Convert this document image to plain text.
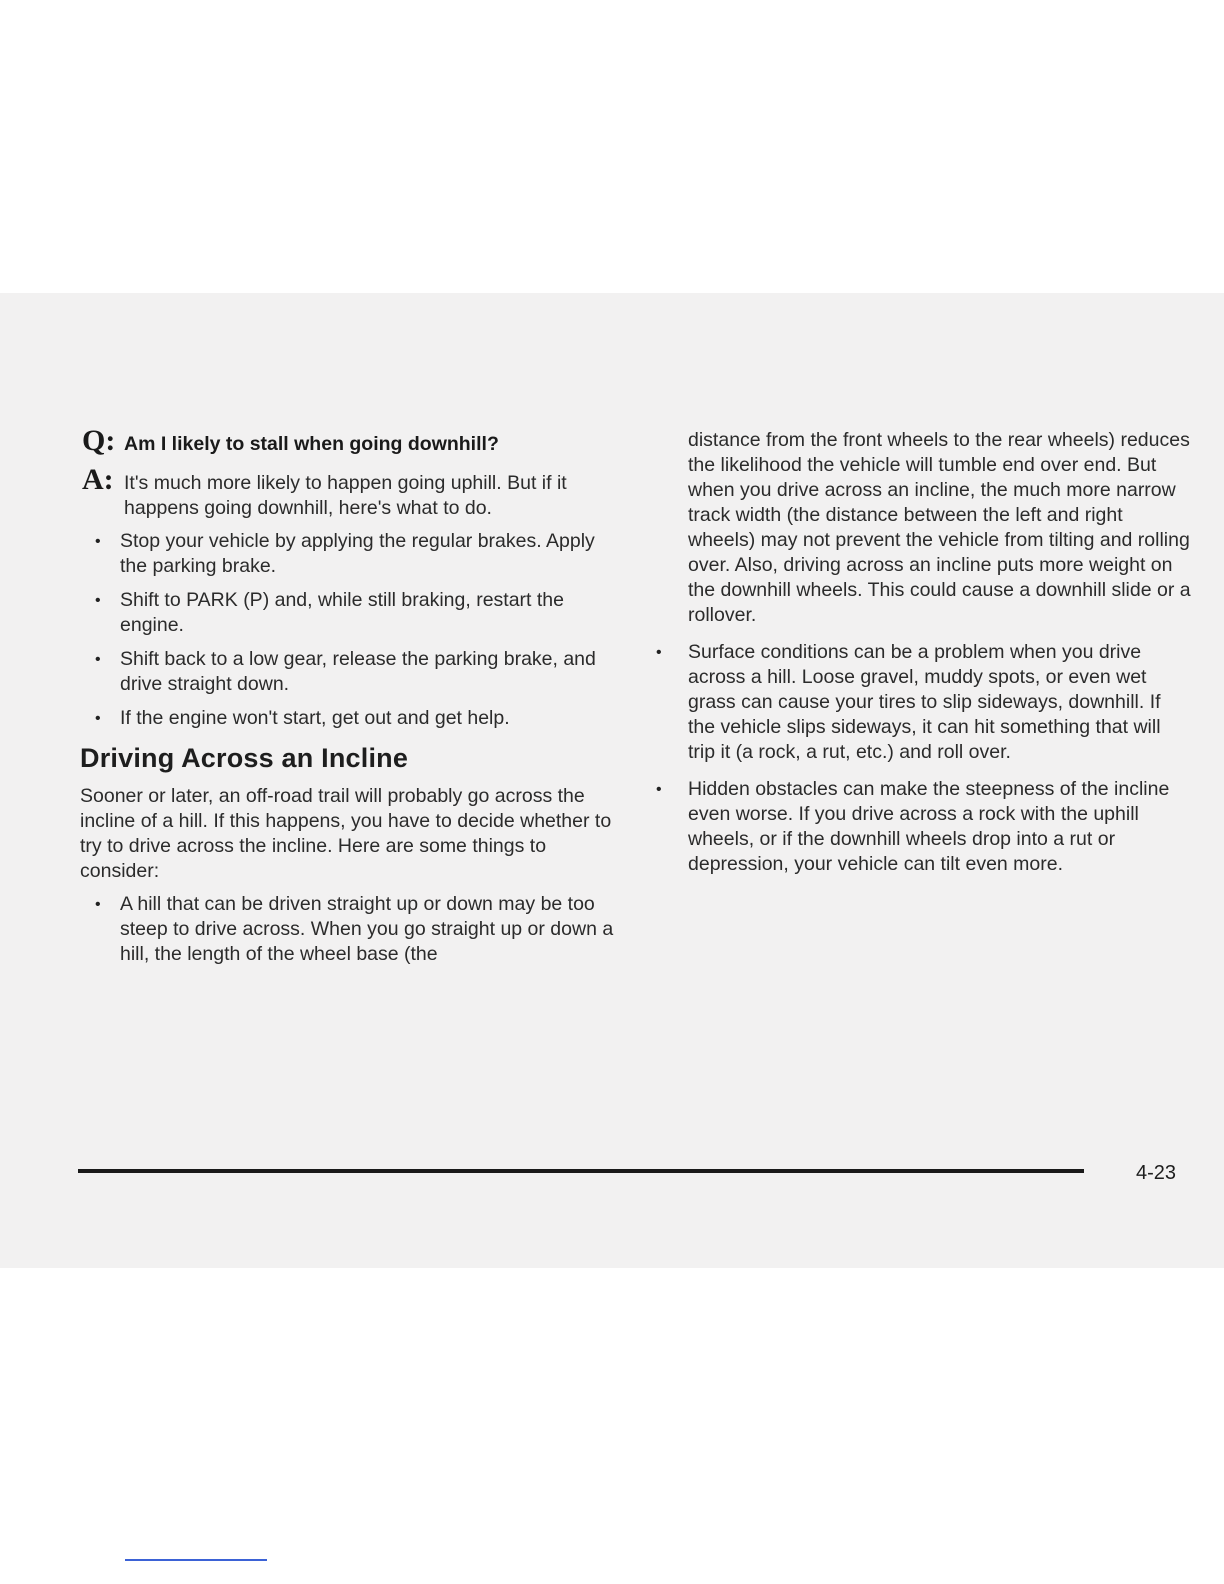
Q: Am I likely to stall when going downhill?
A: It's much more likely to happen going uphill. But if it happens going downhill, here's what to do.
• Stop your vehicle by applying the regular brakes. Apply the parking brake.
• Shift to PARK (P) and, while still braking, restart the engine.
• Shift back to a low gear, release the parking brake, and drive straight down.
• If the engine won't start, get out and get help.
Driving Across an Incline

Sooner or later, an off-road trail will probably go across the incline of a hill. If this happens, you have to decide whether to try to drive across the incline. Here are some things to consider:

• A hill that can be driven straight up or down may be too steep to drive across. When you go straight up or down a hill, the length of the wheel base (the

distance from the front wheels to the rear wheels) reduces the likelihood the vehicle will tumble end over end. But when you drive across an incline, the much more narrow track width (the distance between the left and right wheels) may not prevent the vehicle from tilting and rolling over. Also, driving across an incline puts more weight on the downhill wheels. This could cause a downhill slide or a rollover.

• Surface conditions can be a problem when you drive across a hill. Loose gravel, muddy spots, or even wet grass can cause your tires to slip sideways, downhill. If the vehicle slips sideways, it can hit something that will trip it (a rock, a rut, etc.) and roll over.
• Hidden obstacles can make the steepness of the incline even worse. If you drive across a rock with the uphill wheels, or if the downhill wheels drop into a rut or depression, your vehicle can tilt even more.
4-23
